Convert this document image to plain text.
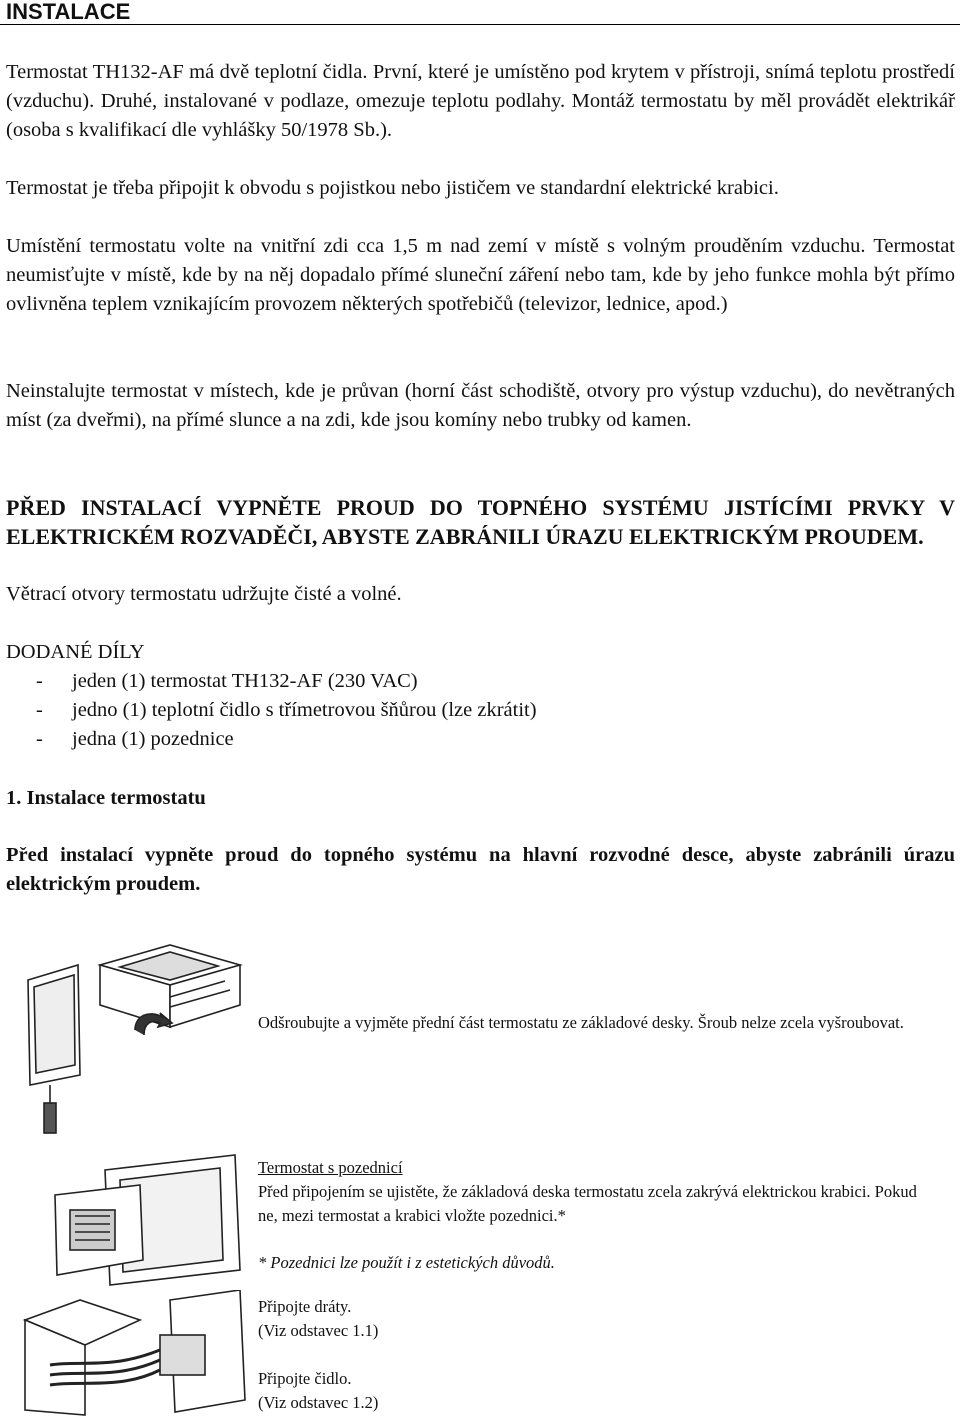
INSTALACE

Termostat TH132-AF má dvě teplotní čidla. První, které je umístěno pod krytem v přístroji, snímá teplotu prostředí (vzduchu). Druhé, instalované v podlaze, omezuje teplotu podlahy. Montáž termostatu by měl provádět elektrikář (osoba s kvalifikací dle vyhlášky 50/1978 Sb.).

Termostat je třeba připojit k obvodu s pojistkou nebo jističem ve standardní elektrické krabici.

Umístění termostatu volte na vnitřní zdi cca 1,5 m nad zemí v místě s volným prouděním vzduchu. Termostat neumisťujte v místě, kde by na něj dopadalo přímé sluneční záření nebo tam, kde by jeho funkce mohla být přímo ovlivněna teplem vznikajícím provozem některých spotřebičů (televizor, lednice, apod.)

Neinstalujte termostat v místech, kde je průvan (horní část schodiště, otvory pro výstup vzduchu), do nevětraných míst (za dveřmi), na přímé slunce a na zdi, kde jsou komíny nebo trubky od kamen.

PŘED INSTALACÍ VYPNĚTE PROUD DO TOPNÉHO SYSTÉMU JISTÍCÍMI PRVKY V ELEKTRICKÉM ROZVADĚČI, ABYSTE ZABRÁNILI ÚRAZU ELEKTRICKÝM PROUDEM.

Větrací otvory termostatu udržujte čisté a volné.

DODANÉ DÍLY

-	jeden (1) termostat TH132-AF (230 VAC)
-	jedno (1) teplotní čidlo s třímetrovou šňůrou (lze zkrátit)
-	jedna (1) pozednice

1. Instalace termostatu

Před instalací vypněte proud do topného systému na hlavní rozvodné desce, abyste zabránili úrazu elektrickým proudem.

Odšroubujte a vyjměte přední část termostatu ze základové desky. Šroub nelze zcela vyšroubovat.

Termostat s pozednicí

Před připojením se ujistěte, že základová deska termostatu zcela zakrývá elektrickou krabici. Pokud ne, mezi termostat a krabici vložte pozednici.*

* Pozednici lze použít i z estetických důvodů.

Připojte dráty.

(Viz odstavec 1.1)

Připojte čidlo.

(Viz odstavec 1.2)
